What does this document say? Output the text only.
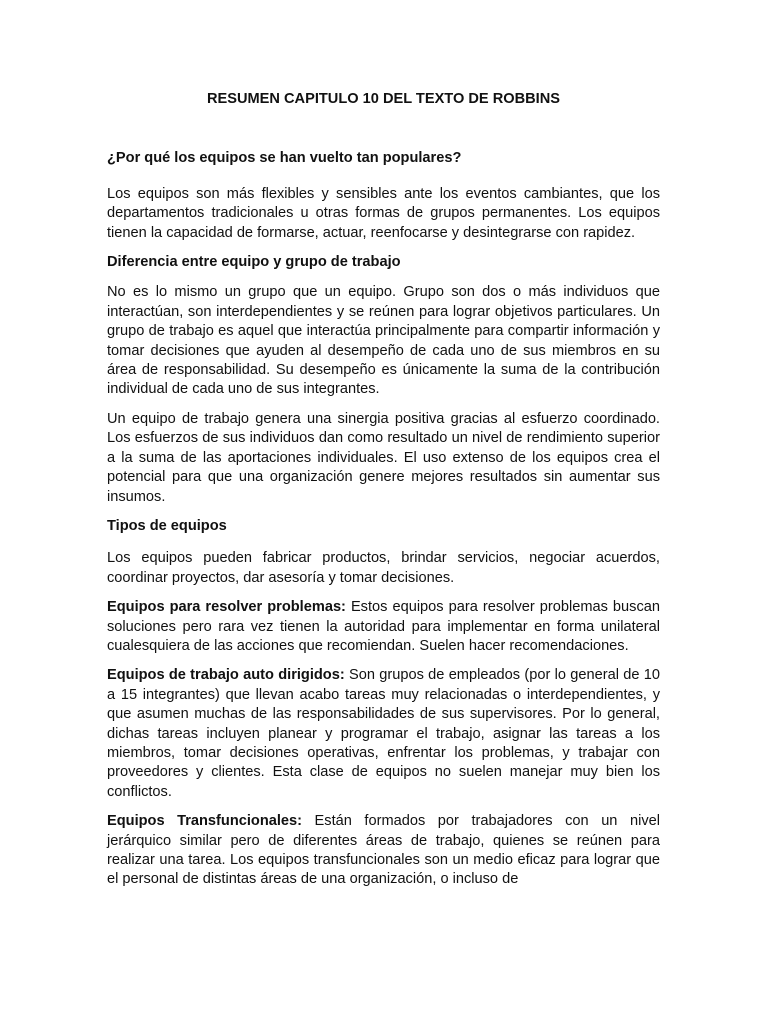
RESUMEN CAPITULO 10 DEL TEXTO DE ROBBINS
¿Por qué los equipos se han vuelto tan populares?

Los equipos son más flexibles y sensibles ante los eventos cambiantes, que los departamentos tradicionales u otras formas de grupos permanentes. Los equipos tienen la capacidad de formarse, actuar, reenfocarse y desintegrarse con rapidez.

Diferencia entre equipo y grupo de trabajo

No es lo mismo un grupo que un equipo. Grupo son dos o más individuos que interactúan, son interdependientes y se reúnen para lograr objetivos particulares. Un grupo de trabajo es aquel que interactúa principalmente para compartir información y tomar decisiones que ayuden al desempeño de cada uno de sus miembros en su área de responsabilidad. Su desempeño es únicamente la suma de la contribución individual de cada uno de sus integrantes.

Un equipo de trabajo genera una sinergia positiva gracias al esfuerzo coordinado. Los esfuerzos de sus individuos dan como resultado un nivel de rendimiento superior a la suma de las aportaciones individuales. El uso extenso de los equipos crea el potencial para que una organización genere mejores resultados sin aumentar sus insumos.

Tipos de equipos

Los equipos pueden fabricar productos, brindar servicios, negociar acuerdos, coordinar proyectos, dar asesoría y tomar decisiones.

Equipos para resolver problemas: Estos equipos para resolver problemas buscan soluciones pero rara vez tienen la autoridad para implementar en forma unilateral cualesquiera de las acciones que recomiendan. Suelen hacer recomendaciones.

Equipos de trabajo auto dirigidos: Son grupos de empleados (por lo general de 10 a 15 integrantes) que llevan acabo tareas muy relacionadas o interdependientes, y que asumen muchas de las responsabilidades de sus supervisores. Por lo general, dichas tareas incluyen planear y programar el trabajo, asignar las tareas a los miembros, tomar decisiones operativas, enfrentar los problemas, y trabajar con proveedores y clientes. Esta clase de equipos no suelen manejar muy bien los conflictos.

Equipos Transfuncionales: Están formados por trabajadores con un nivel jerárquico similar pero de diferentes áreas de trabajo, quienes se reúnen para realizar una tarea. Los equipos transfuncionales son un medio eficaz para lograr que el personal de distintas áreas de una organización, o incluso de
